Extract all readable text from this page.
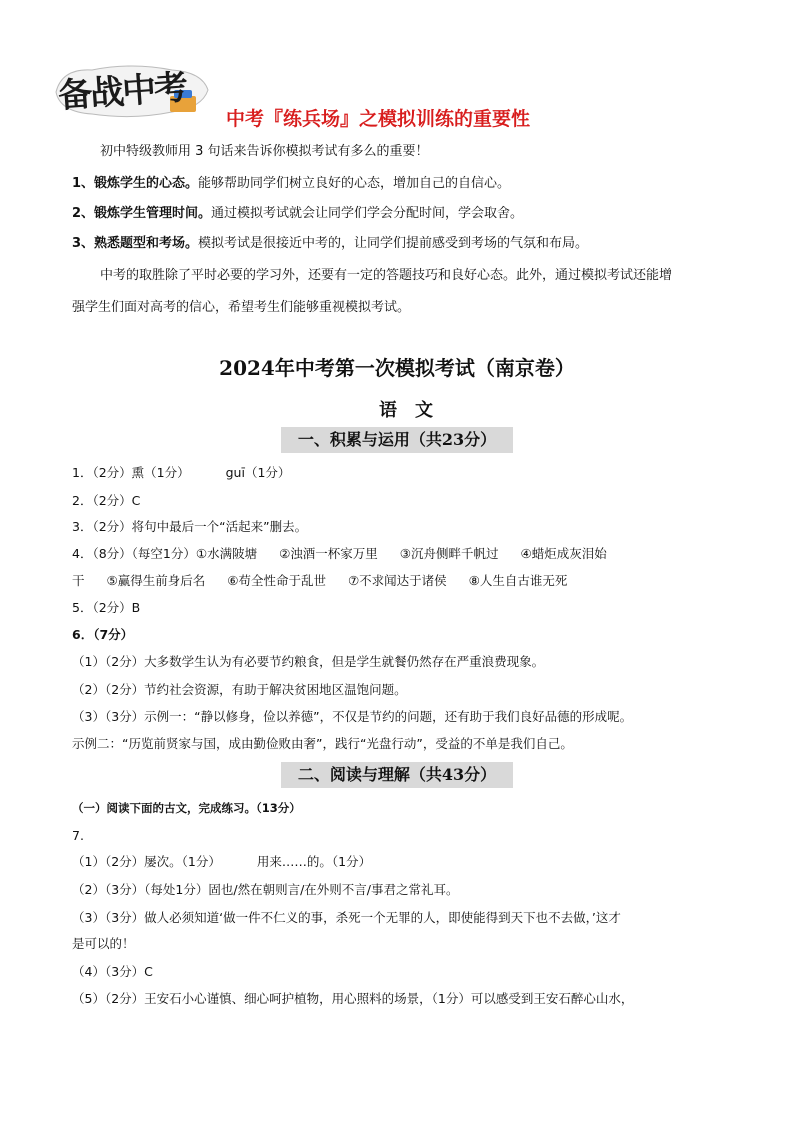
备战中考
中考『练兵场』之模拟训练的重要性
初中特级教师用 3 句话来告诉你模拟考试有多么的重要！
1、锻炼学生的心态。能够帮助同学们树立良好的心态，增加自己的自信心。
2、锻炼学生管理时间。通过模拟考试就会让同学们学会分配时间，学会取舍。
3、熟悉题型和考场。模拟考试是很接近中考的，让同学们提前感受到考场的气氛和布局。
中考的取胜除了平时必要的学习外，还要有一定的答题技巧和良好心态。此外，通过模拟考试还能增
强学生们面对高考的信心，希望考生们能够重视模拟考试。
2024年中考第一次模拟考试（南京卷）
语文
一、积累与运用（共23分）
1．（2分）熏（1分）	guī（1分）
2．（2分）C
3．（2分）将句中最后一个“活起来”删去。
4．（8分）（每空1分）①水满陂塘 ②浊酒一杯家万里 ③沉舟侧畔千帆过 ④蜡炬成灰泪始
干 ⑤赢得生前身后名 ⑥苟全性命于乱世 ⑦不求闻达于诸侯 ⑧人生自古谁无死
5．（2分）B
6．（7分）
（1）（2分）大多数学生认为有必要节约粮食，但是学生就餐仍然存在严重浪费现象。
（2）（2分）节约社会资源，有助于解决贫困地区温饱问题。
（3）（3分）示例一：“静以修身，俭以养德”，不仅是节约的问题，还有助于我们良好品德的形成呢。
示例二：“历览前贤家与国，成由勤俭败由奢”，践行“光盘行动”，受益的不单是我们自己。
二、阅读与理解（共43分）
（一）阅读下面的古文，完成练习。（13分）
7.
（1）（2分）屡次。（1分）	用来……的。（1分）
（2）（3分）（每处1分）固也/然在朝则言/在外则不言/事君之常礼耳。
（3）（3分）做人必须知道‘做一件不仁义的事，杀死一个无罪的人，即使能得到天下也不去做，’这才
是可以的！
（4）（3分）C
（5）（2分）王安石小心谨慎、细心呵护植物，用心照料的场景，（1分）可以感受到王安石醉心山水，
